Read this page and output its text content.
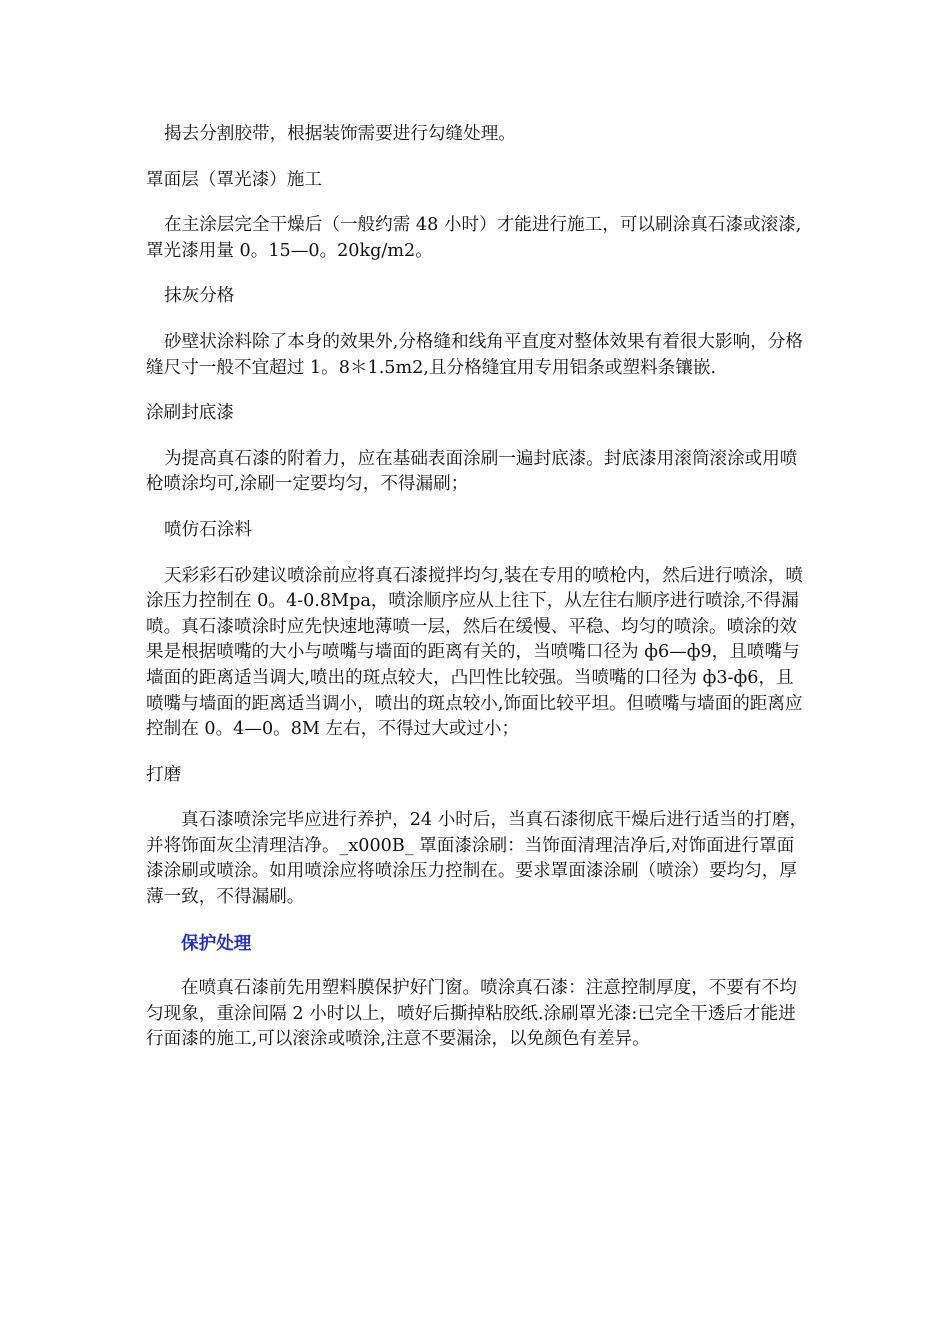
揭去分割胶带，根据装饰需要进行勾缝处理。
罩面层（罩光漆）施工
在主涂层完全干燥后（一般约需 48 小时）才能进行施工，可以刷涂真石漆或滚漆,罩光漆用量 0。15—0。20kg/m2。
抹灰分格
砂壁状涂料除了本身的效果外,分格缝和线角平直度对整体效果有着很大影响，分格缝尺寸一般不宜超过 1。8＊1.5m2,且分格缝宜用专用铝条或塑料条镶嵌.
涂刷封底漆
为提高真石漆的附着力，应在基础表面涂刷一遍封底漆。封底漆用滚筒滚涂或用喷枪喷涂均可,涂刷一定要均匀，不得漏刷；
喷仿石涂料
天彩彩石砂建议喷涂前应将真石漆搅拌均匀,装在专用的喷枪内，然后进行喷涂，喷涂压力控制在 0。4-0.8Mpa，喷涂顺序应从上往下，从左往右顺序进行喷涂,不得漏喷。真石漆喷涂时应先快速地薄喷一层，然后在缓慢、平稳、均匀的喷涂。喷涂的效果是根据喷嘴的大小与喷嘴与墙面的距离有关的，当喷嘴口径为 ф6—ф9，且喷嘴与墙面的距离适当调大,喷出的斑点较大，凸凹性比较强。当喷嘴的口径为 ф3-ф6，且喷嘴与墙面的距离适当调小，喷出的斑点较小,饰面比较平坦。但喷嘴与墙面的距离应控制在 0。4—0。8M 左右，不得过大或过小；
打磨
真石漆喷涂完毕应进行养护，24 小时后，当真石漆彻底干燥后进行适当的打磨，并将饰面灰尘清理洁净。_x000B_ 罩面漆涂刷：当饰面清理洁净后,对饰面进行罩面漆涂刷或喷涂。如用喷涂应将喷涂压力控制在。要求罩面漆涂刷（喷涂）要均匀，厚薄一致，不得漏刷。
保护处理
在喷真石漆前先用塑料膜保护好门窗。喷涂真石漆：注意控制厚度，不要有不均匀现象，重涂间隔 2 小时以上，喷好后撕掉粘胶纸.涂刷罩光漆:已完全干透后才能进行面漆的施工,可以滚涂或喷涂,注意不要漏涂，以免颜色有差异。
